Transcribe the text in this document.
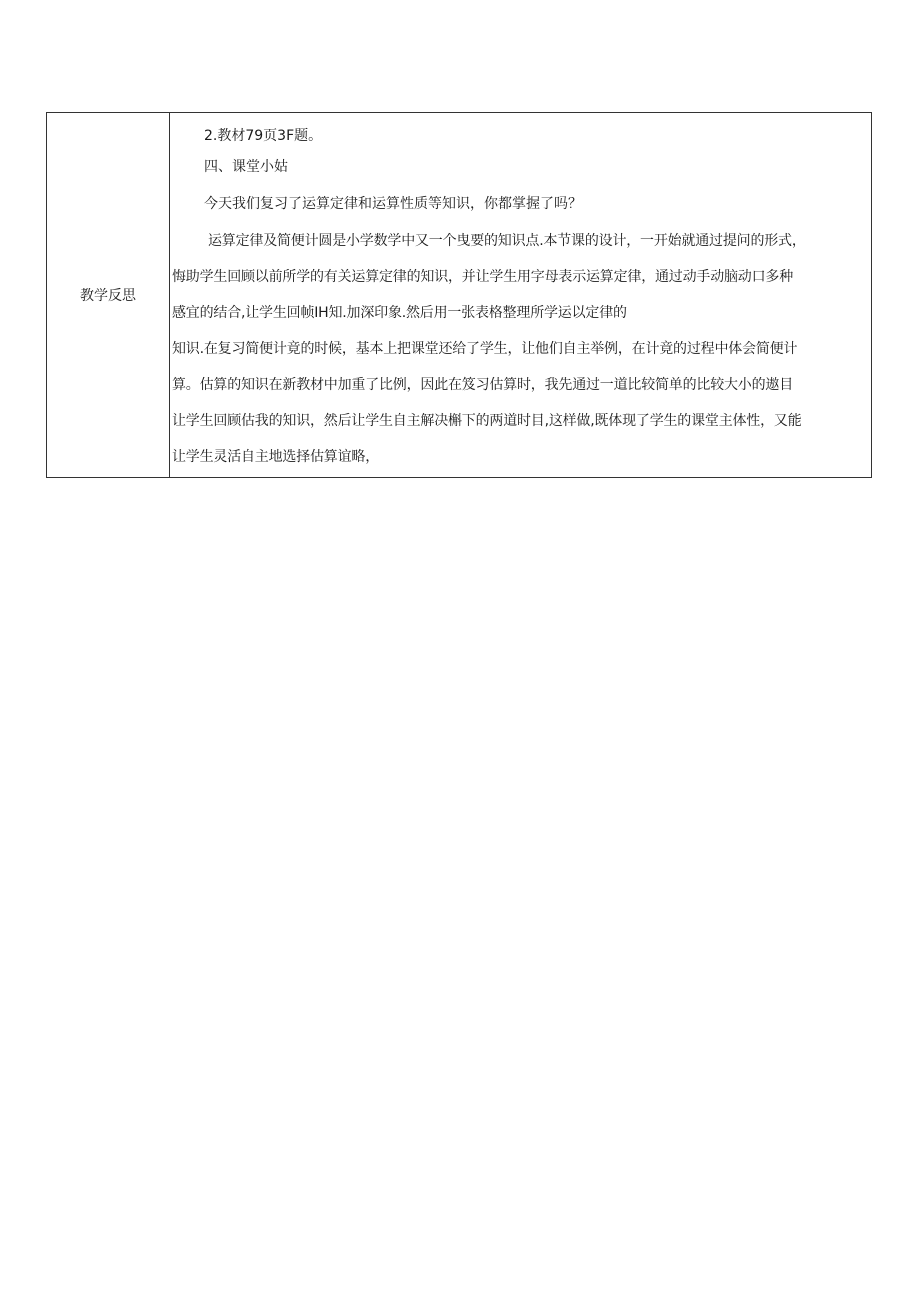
教学反思	
2.教材79页3F题。
四、课堂小姑
今天我们复习了运算定律和运算性质等知识，你都掌握了吗？
运算定律及简便计圆是小学数学中又一个曳要的知识点.本节课的设计，一开始就通过提问的形式，
悔助学生回顾以前所学的有关运算定律的知识，并让学生用字母表示运算定律，通过动手动脑动口多种
感宜的结合,让学生回帧IH知.加深印象.然后用一张表格整理所学运以定律的
知识.在复习简便计竟的时候，基本上把课堂还给了学生，让他们自主举例，在计竟的过程中体会简便计
算。估算的知识在新教材中加重了比例，因此在笈习估算时，我先通过一道比较简单的比较大小的遨目
让学生回顾估我的知识，然后让学生自主解决槲下的两道时目,这样做,既体现了学生的课堂主体性，又能
让学生灵活自主地选择估算谊略，
